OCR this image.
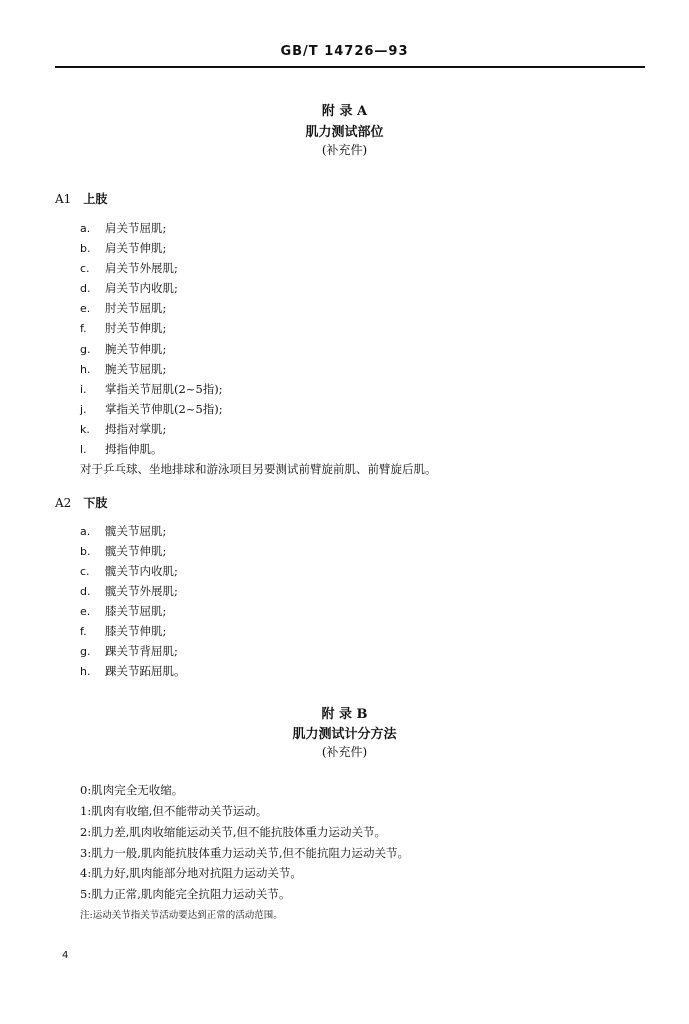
GB/T 14726—93
附 录 A
肌力测试部位
(补充件)
A1 上肢
a. 肩关节屈肌;
b. 肩关节伸肌;
c. 肩关节外展肌;
d. 肩关节内收肌;
e. 肘关节屈肌;
f. 肘关节伸肌;
g. 腕关节伸肌;
h. 腕关节屈肌;
i. 掌指关节屈肌(2~5指);
j. 掌指关节伸肌(2~5指);
k. 拇指对掌肌;
l. 拇指伸肌。
对于乒乓球、坐地排球和游泳项目另要测试前臂旋前肌、前臂旋后肌。
A2 下肢
a. 髋关节屈肌;
b. 髋关节伸肌;
c. 髋关节内收肌;
d. 髋关节外展肌;
e. 膝关节屈肌;
f. 膝关节伸肌;
g. 踝关节背屈肌;
h. 踝关节跖屈肌。
附 录 B
肌力测试计分方法
(补充件)
0:肌肉完全无收缩。
1:肌肉有收缩,但不能带动关节运动。
2:肌力差,肌肉收缩能运动关节,但不能抗肢体重力运动关节。
3:肌力一般,肌肉能抗肢体重力运动关节,但不能抗阻力运动关节。
4:肌力好,肌肉能部分地对抗阻力运动关节。
5:肌力正常,肌肉能完全抗阻力运动关节。
注:运动关节指关节活动要达到正常的活动范围。
4
